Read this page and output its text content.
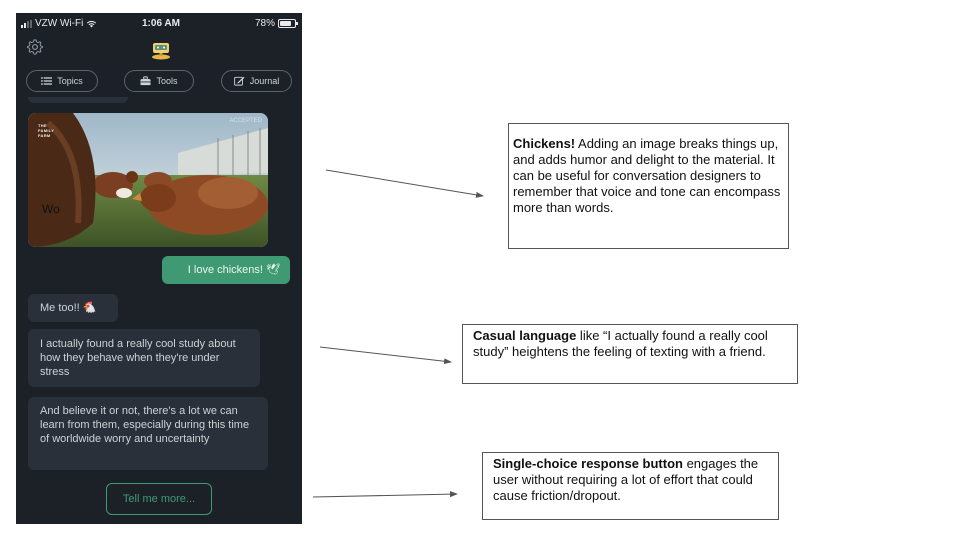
VZW Wi-Fi	1:06 AM	78%
Topics	Tools	Journal
THE FAMILY FARM
ACCEPTED
Wo
I love chickens! 🕊
Me too!! 🐔
I actually found a really cool study about how they behave when they're under stress
And believe it or not, there's a lot we can learn from them, especially during this time of worldwide worry and uncertainty
Tell me more...
Chickens! Adding an image breaks things up, and adds humor and delight to the material. It can be useful for conversation designers to remember that voice and tone can encompass more than words.
Casual language like “I actually found a really cool study” heightens the feeling of texting with a friend.
Single-choice response button engages the user without requiring a lot of effort that could cause friction/dropout.
